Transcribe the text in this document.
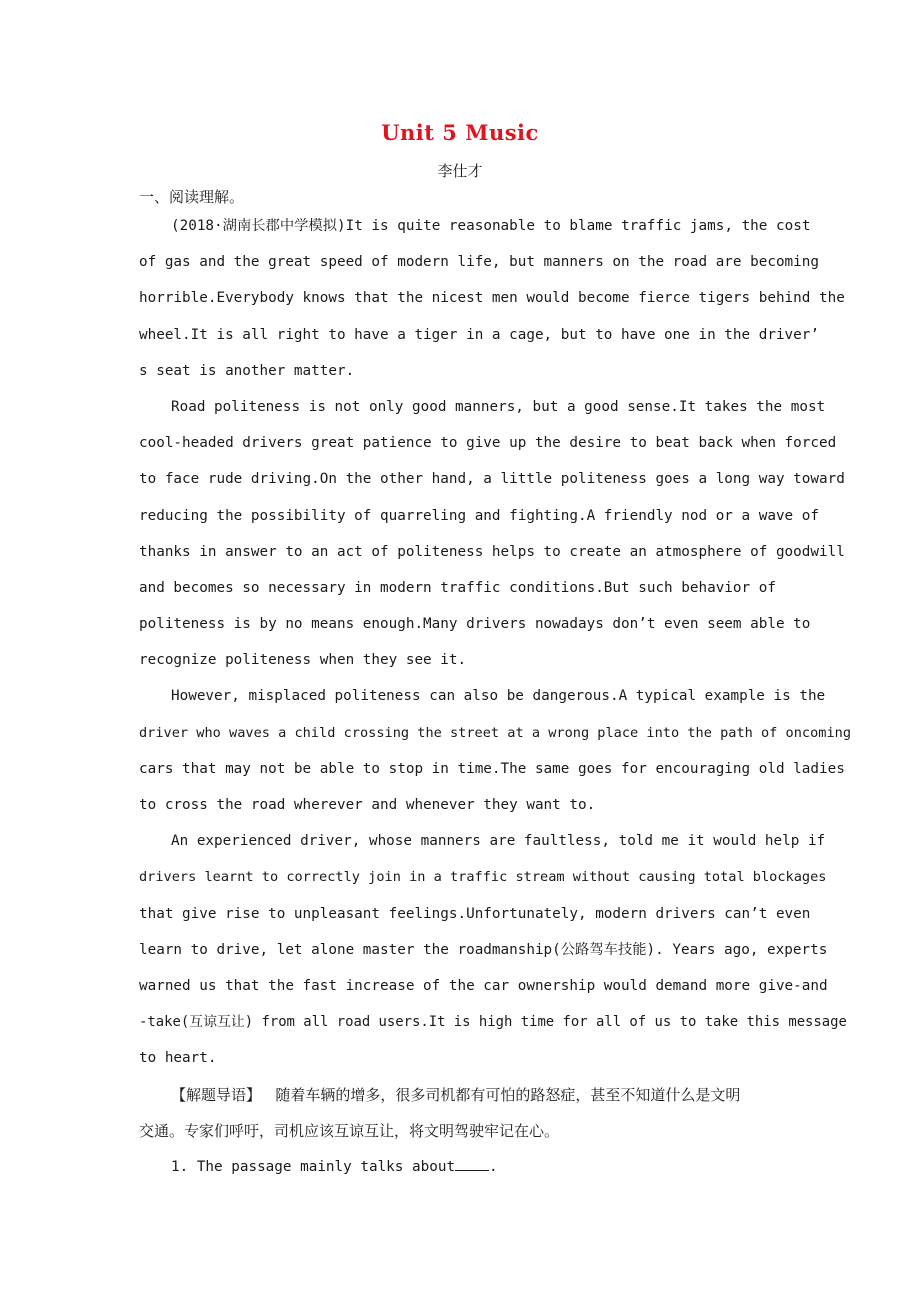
Unit 5 Music
李仕才
一、阅读理解。
(2018·湖南长郡中学模拟)It is quite reasonable to blame traffic jams, the cost
of gas and the great speed of modern life, but manners on the road are becoming
horrible.Everybody knows that the nicest men would become fierce tigers behind the
wheel.It is all right to have a tiger in a cage, but to have one in the driver’
s seat is another matter.
Road politeness is not only good manners, but a good sense.It takes the most
cool-headed drivers great patience to give up the desire to beat back when forced
to face rude driving.On the other hand, a little politeness goes a long way toward
reducing the possibility of quarreling and fighting.A friendly nod or a wave of
thanks in answer to an act of politeness helps to create an atmosphere of goodwill
and becomes so necessary in modern traffic conditions.But such behavior of
politeness is by no means enough.Many drivers nowadays don’t even seem able to
recognize politeness when they see it.
However, misplaced politeness can also be dangerous.A typical example is the
driver who waves a child crossing the street at a wrong place into the path of oncoming
cars that may not be able to stop in time.The same goes for encouraging old ladies
to cross the road wherever and whenever they want to.
An experienced driver, whose manners are faultless, told me it would help if
drivers learnt to correctly join in a traffic stream without causing total blockages
that give rise to unpleasant feelings.Unfortunately, modern drivers can’t even
learn to drive, let alone master the roadmanship(公路驾车技能). Years ago, experts
warned us that the fast increase of the car ownership would demand more give-and
-take(互谅互让) from all road users.It is high time for all of us to take this message
to heart.
【解题导语】 随着车辆的增多，很多司机都有可怕的路怒症，甚至不知道什么是文明
交通。专家们呼吁，司机应该互谅互让，将文明驾驶牢记在心。
1. The passage mainly talks about .
